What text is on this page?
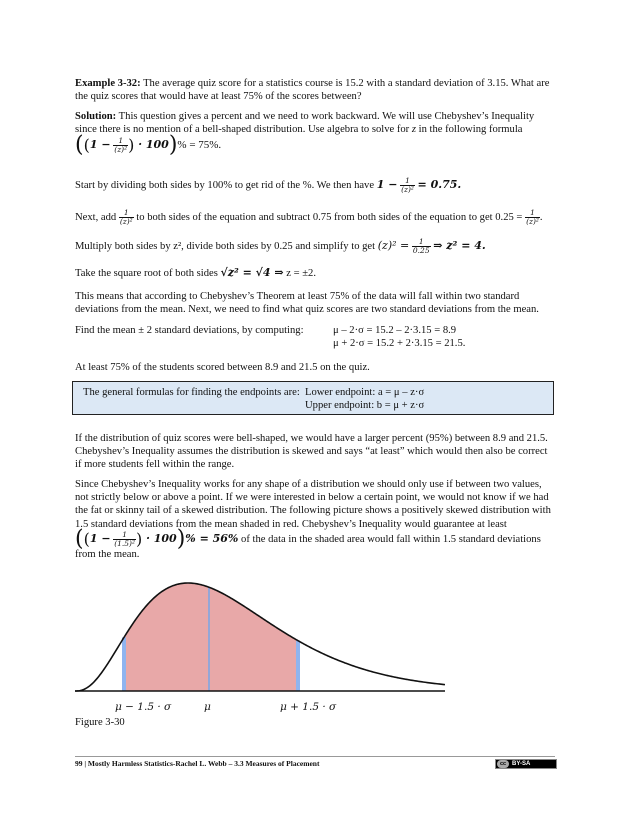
Example 3-32: The average quiz score for a statistics course is 15.2 with a standard deviation of 3.15. What are the quiz scores that would have at least 75% of the scores between?

Solution: This question gives a percent and we need to work backward. We will use Chebyshev’s Inequality since there is no mention of a bell-shaped distribution. Use algebra to solve for z in the following formula

(($1 - \frac{1}{\text{(z)²}}$ ) · 100)% = 75%.

Start by dividing both sides by 100% to get rid of the %. We then have $1 - \frac{1}{\text{(z)²}} = 0.75$.

Next, add $\frac{1}{\text{(z)²}}$ to both sides of the equation and subtract 0.75 from both sides of the equation to get $0.25 = \frac{1}{\text{(z)²}}$ .

Multiply both sides by z², divide both sides by 0.25 and simplify to get $(z)^2 = \frac{1}{0.25}$ ⇒ z² = 4.

Take the square root of both sides √z² = √4 ⇒ z = ±2.

This means that according to Chebyshev’s Theorem at least 75% of the data will fall within two standard deviations from the mean. Next, we need to find what quiz scores are two standard deviations from the mean.

Find the mean ± 2 standard deviations, by computing:	μ – 2·σ = 15.2 – 2·3.15 = 8.9

μ + 2·σ = 15.2 + 2·3.15 = 21.5.

At least 75% of the students scored between 8.9 and 21.5 on the quiz.

The general formulas for finding the endpoints are: Lower endpoint: a = μ – z·σ
Upper endpoint: b = μ + z·σ

If the distribution of quiz scores were bell-shaped, we would have a larger percent (95%) between 8.9 and 21.5. Chebyshev’s Inequality assumes the distribution is skewed and says “at least” which would then also be correct if more students fell within the range.

Since Chebyshev’s Inequality works for any shape of a distribution we should only use if between two values, not strictly below or above a point. If we were interested in below a certain point, we would not know if we had the fat or skinny tail of a skewed distribution. The following picture shows a positively skewed distribution with 1.5 standard deviations from the mean shaded in red. Chebyshev’s Inequality would guarantee at least

(($1 - \frac{1}{\text{(1.5)²}}$ ) · 100)% = 56% of the data in the shaded area would fall within 1.5 standard deviations from the mean.
μ − 1.5 · σ	μ	μ + 1.5 · σ

Figure 3-30

99 | Mostly Harmless Statistics-Rachel L. Webb – 3.3 Measures of Placement	cc BY-SA
